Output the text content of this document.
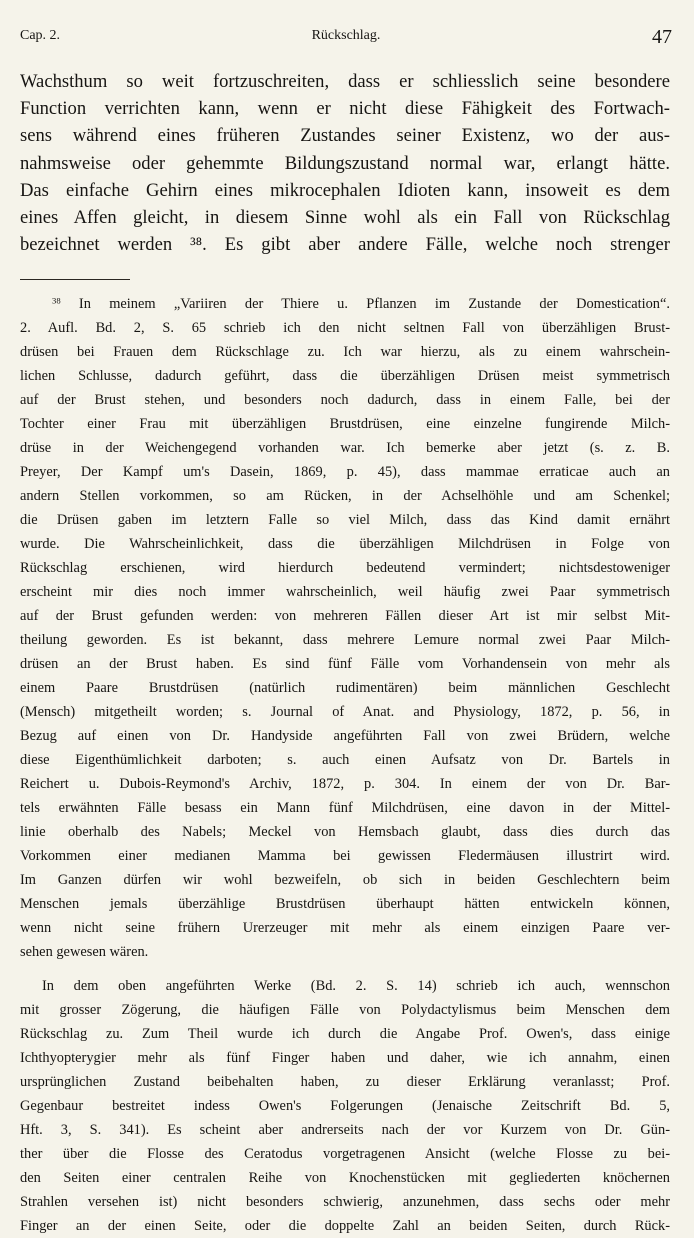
Cap. 2.	Rückschlag.	47
Wachsthum so weit fortzuschreiten, dass er schliesslich seine besondere
Function verrichten kann, wenn er nicht diese Fähigkeit des Fortwach-
sens während eines früheren Zustandes seiner Existenz, wo der aus-
nahmsweise oder gehemmte Bildungszustand normal war, erlangt hätte.
Das einfache Gehirn eines mikrocephalen Idioten kann, insoweit es dem
eines Affen gleicht, in diesem Sinne wohl als ein Fall von Rückschlag
bezeichnet werden ³⁸. Es gibt aber andere Fälle, welche noch strenger
$^{38}$ In meinem „Variiren der Thiere u. Pflanzen im Zustande der Domestication“.
2. Aufl. Bd. 2, S. 65 schrieb ich den nicht seltnen Fall von überzähligen Brust-
drüsen bei Frauen dem Rückschlage zu. Ich war hierzu, als zu einem wahrschein-
lichen Schlusse, dadurch geführt, dass die überzähligen Drüsen meist symmetrisch
auf der Brust stehen, und besonders noch dadurch, dass in einem Falle, bei der
Tochter einer Frau mit überzähligen Brustdrüsen, eine einzelne fungirende Milch-
drüse in der Weichengegend vorhanden war. Ich bemerke aber jetzt (s. z. B.
Preyer, Der Kampf um's Dasein, 1869, p. 45), dass mammae erraticae auch an
andern Stellen vorkommen, so am Rücken, in der Achselhöhle und am Schenkel;
die Drüsen gaben im letztern Falle so viel Milch, dass das Kind damit ernährt
wurde. Die Wahrscheinlichkeit, dass die überzähligen Milchdrüsen in Folge von
Rückschlag erschienen, wird hierdurch bedeutend vermindert; nichtsdestoweniger
erscheint mir dies noch immer wahrscheinlich, weil häufig zwei Paar symmetrisch
auf der Brust gefunden werden: von mehreren Fällen dieser Art ist mir selbst Mit-
theilung geworden. Es ist bekannt, dass mehrere Lemure normal zwei Paar Milch-
drüsen an der Brust haben. Es sind fünf Fälle vom Vorhandensein von mehr als
einem Paare Brustdrüsen (natürlich rudimentären) beim männlichen Geschlecht
(Mensch) mitgetheilt worden; s. Journal of Anat. and Physiology, 1872, p. 56, in
Bezug auf einen von Dr. Handyside angeführten Fall von zwei Brüdern, welche
diese Eigenthümlichkeit darboten; s. auch einen Aufsatz von Dr. Bartels in
Reichert u. Dubois-Reymond's Archiv, 1872, p. 304. In einem der von Dr. Bar-
tels erwähnten Fälle besass ein Mann fünf Milchdrüsen, eine davon in der Mittel-
linie oberhalb des Nabels; Meckel von Hemsbach glaubt, dass dies durch das
Vorkommen einer medianen Mamma bei gewissen Fledermäusen illustrirt wird.
Im Ganzen dürfen wir wohl bezweifeln, ob sich in beiden Geschlechtern beim
Menschen jemals überzählige Brustdrüsen überhaupt hätten entwickeln können,
wenn nicht seine frühern Urerzeuger mit mehr als einem einzigen Paare ver-
sehen gewesen wären.
In dem oben angeführten Werke (Bd. 2. S. 14) schrieb ich auch, wennschon
mit grosser Zögerung, die häufigen Fälle von Polydactylismus beim Menschen dem
Rückschlag zu. Zum Theil wurde ich durch die Angabe Prof. Owen's, dass einige
Ichthyopterygier mehr als fünf Finger haben und daher, wie ich annahm, einen
ursprünglichen Zustand beibehalten haben, zu dieser Erklärung veranlasst; Prof.
Gegenbaur bestreitet indess Owen's Folgerungen (Jenaische Zeitschrift Bd. 5,
Hft. 3, S. 341). Es scheint aber andrerseits nach der vor Kurzem von Dr. Gün-
ther über die Flosse des Ceratodus vorgetragenen Ansicht (welche Flosse zu bei-
den Seiten einer centralen Reihe von Knochenstücken mit gegliederten knöchernen
Strahlen versehen ist) nicht besonders schwierig, anzunehmen, dass sechs oder mehr
Finger an der einen Seite, oder die doppelte Zahl an beiden Seiten, durch Rück-
